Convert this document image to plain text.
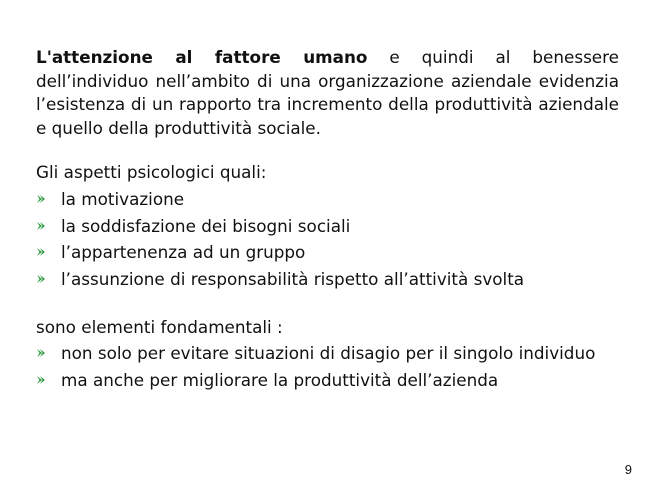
L'attenzione al fattore umano e quindi al benessere dell’individuo nell’ambito di una organizzazione aziendale evidenzia l’esistenza di un rapporto tra incremento della produttività aziendale e quello della produttività sociale.

Gli aspetti psicologici quali:

la motivazione
la soddisfazione dei bisogni sociali
l’appartenenza ad un gruppo
l’assunzione di responsabilità rispetto all’attività svolta

sono elementi fondamentali :

non solo per evitare situazioni di disagio per il singolo individuo
ma anche per migliorare la produttività dell’azienda
9
